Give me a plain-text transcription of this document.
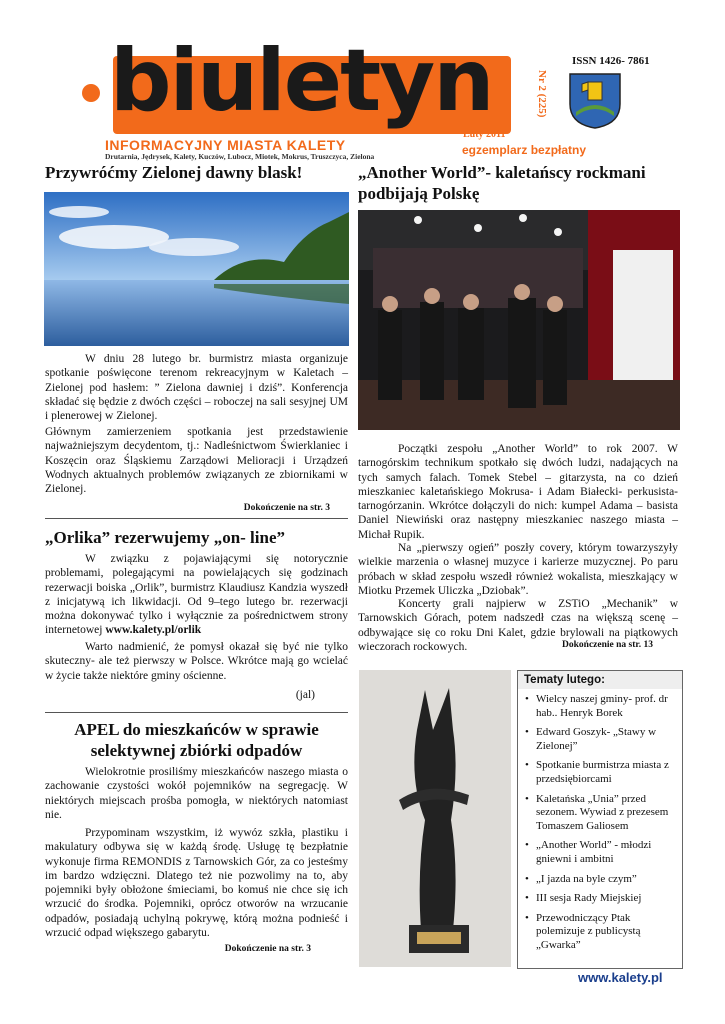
biuletyn
INFORMACYJNY MIASTA KALETY
Drutarnia, Jędrysek, Kalety, Kuczów, Lubocz, Miotek, Mokrus, Truszczyca, Zielona
ISSN 1426- 7861
Nr 2 (225)
Luty 2011
egzemplarz bezpłatny
Przywróćmy Zielonej dawny blask!
W dniu 28 lutego br. burmistrz miasta organizuje spotkanie poświęcone terenom rekreacyjnym w Kaletach – Zielonej pod hasłem: ” Zielona dawniej i dziś”. Konferencja składać się będzie z dwóch części – roboczej na sali sesyjnej UM i plenerowej w Zielonej.
Głównym zamierzeniem spotkania jest przedstawienie najważniejszym decydentom, tj.: Nadleśnictwom Świerklaniec i Koszęcin oraz Śląskiemu Zarządowi Melioracji i Urządzeń Wodnych aktualnych problemów związanych ze zbiornikami w Zielonej.
Dokończenie na str. 3
„Orlika” rezerwujemy „on- line”
W związku z pojawiającymi się notorycznie problemami, polegającymi na powielających się godzinach rezerwacji boiska „Orlik”, burmistrz Klaudiusz Kandzia wyszedł z inicjatywą ich likwidacji. Od 9–tego lutego br. rezerwacji można dokonywać tylko i wyłącznie za pośrednictwem strony internetowej www.kalety.pl/orlik
Warto nadmienić, że pomysł okazał się być nie tylko skuteczny- ale też pierwszy w Polsce. Wkrótce mają go wcielać w życie także niektóre gminy ościenne.
(jal)
APEL do mieszkańców w sprawie selektywnej zbiórki odpadów
Wielokrotnie prosiliśmy mieszkańców naszego miasta o zachowanie czystości wokół pojemników na segregację. W niektórych miejscach prośba pomogła, w niektórych natomiast nie.
Przypominam wszystkim, iż wywóz szkła, plastiku i makulatury odbywa się w każdą środę. Usługę tę bezpłatnie wykonuje firma REMONDIS z Tarnowskich Gór, za co jesteśmy im bardzo wdzięczni. Dlatego też nie pozwolimy na to, aby pojemniki były obłożone śmieciami, bo komuś nie chce się ich wrzucić do środka. Pojemniki, oprócz otworów na wrzucanie odpadów, posiadają uchylną pokrywę, którą można podnieść i wrzucić odpad większego gabarytu.
Dokończenie na str. 3
„Another World”- kaletańscy rockmani podbijają Polskę
Początki zespołu „Another World” to rok 2007. W tarnogórskim technikum spotkało się dwóch ludzi, nadających na tych samych falach. Tomek Stebel – gitarzysta, na co dzień mieszkaniec kaletańskiego Mokrusa- i Adam Białecki- perkusista- tarnogórzanin. Wkrótce dołączyli do nich: kumpel Adama – basista Daniel Niewiński oraz następny mieszkaniec naszego miasta – Michał Rupik.
Na „pierwszy ogień” poszły covery, którym towarzyszyły wielkie marzenia o własnej muzyce i karierze muzycznej. Po paru próbach w skład zespołu wszedł również wokalista, mieszkający w Miotku Przemek Uliczka „Dziobak”.
Koncerty grali najpierw w ZSTiO „Mechanik” w Tarnowskich Górach, potem nadszedł czas na większą scenę – odbywające się co roku Dni Kalet, gdzie brylowali na piątkowych wieczorach rockowych.	Dokończenie na str. 13
Tematy lutego:
• Wielcy naszej gminy- prof. dr hab.. Henryk Borek
• Edward Goszyk- „Stawy w Zielonej”
• Spotkanie burmistrza miasta z przedsiębiorcami
• Kaletańska „Unia” przed sezonem. Wywiad z prezesem Tomaszem Galiosem
• „Another World” - młodzi gniewni i ambitni
• „I jazda na byle czym”
• III sesja Rady Miejskiej
• Przewodniczący Ptak polemizuje z publicystą „Gwarka”
www.kalety.pl
